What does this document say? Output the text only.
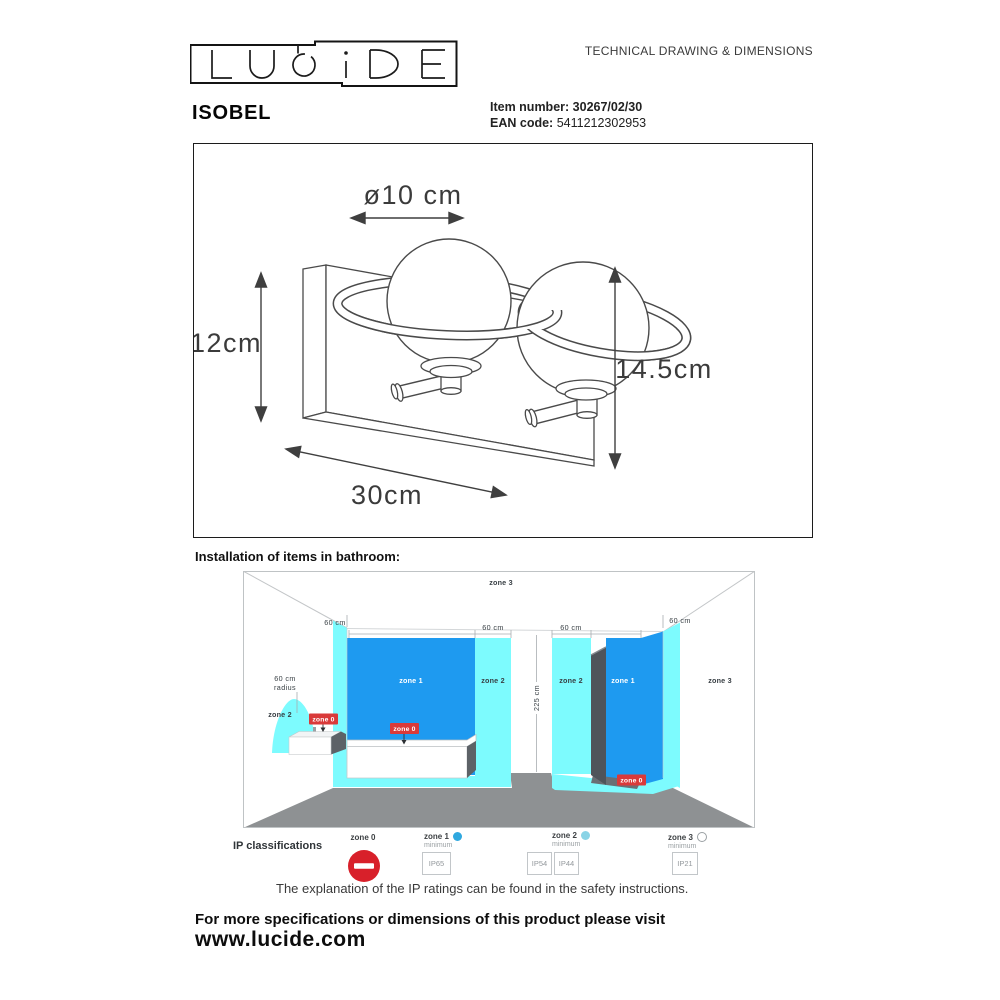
TECHNICAL DRAWING & DIMENSIONS
ISOBEL	Item number: 30267/02/30
EAN code: 5411212302953
ø10 cm
12cm
14.5cm
30cm
Installation of items in bathroom:
zone 3
60 cm
60 cm	60 cm
60 cm
60 cm
radius	225 cm
zone 1	zone 2
zone 2
zone 2	zone 1	zone 3
zone 0
zone 0
zone 0
IP classifications
zone 0	zone 1
minimum
IP65
zone 2
minimum
IP54	IP44
zone 3
minimum
IP21
The explanation of the IP ratings can be found in the safety instructions.
For more specifications or dimensions of this product please visit
www.lucide.com
